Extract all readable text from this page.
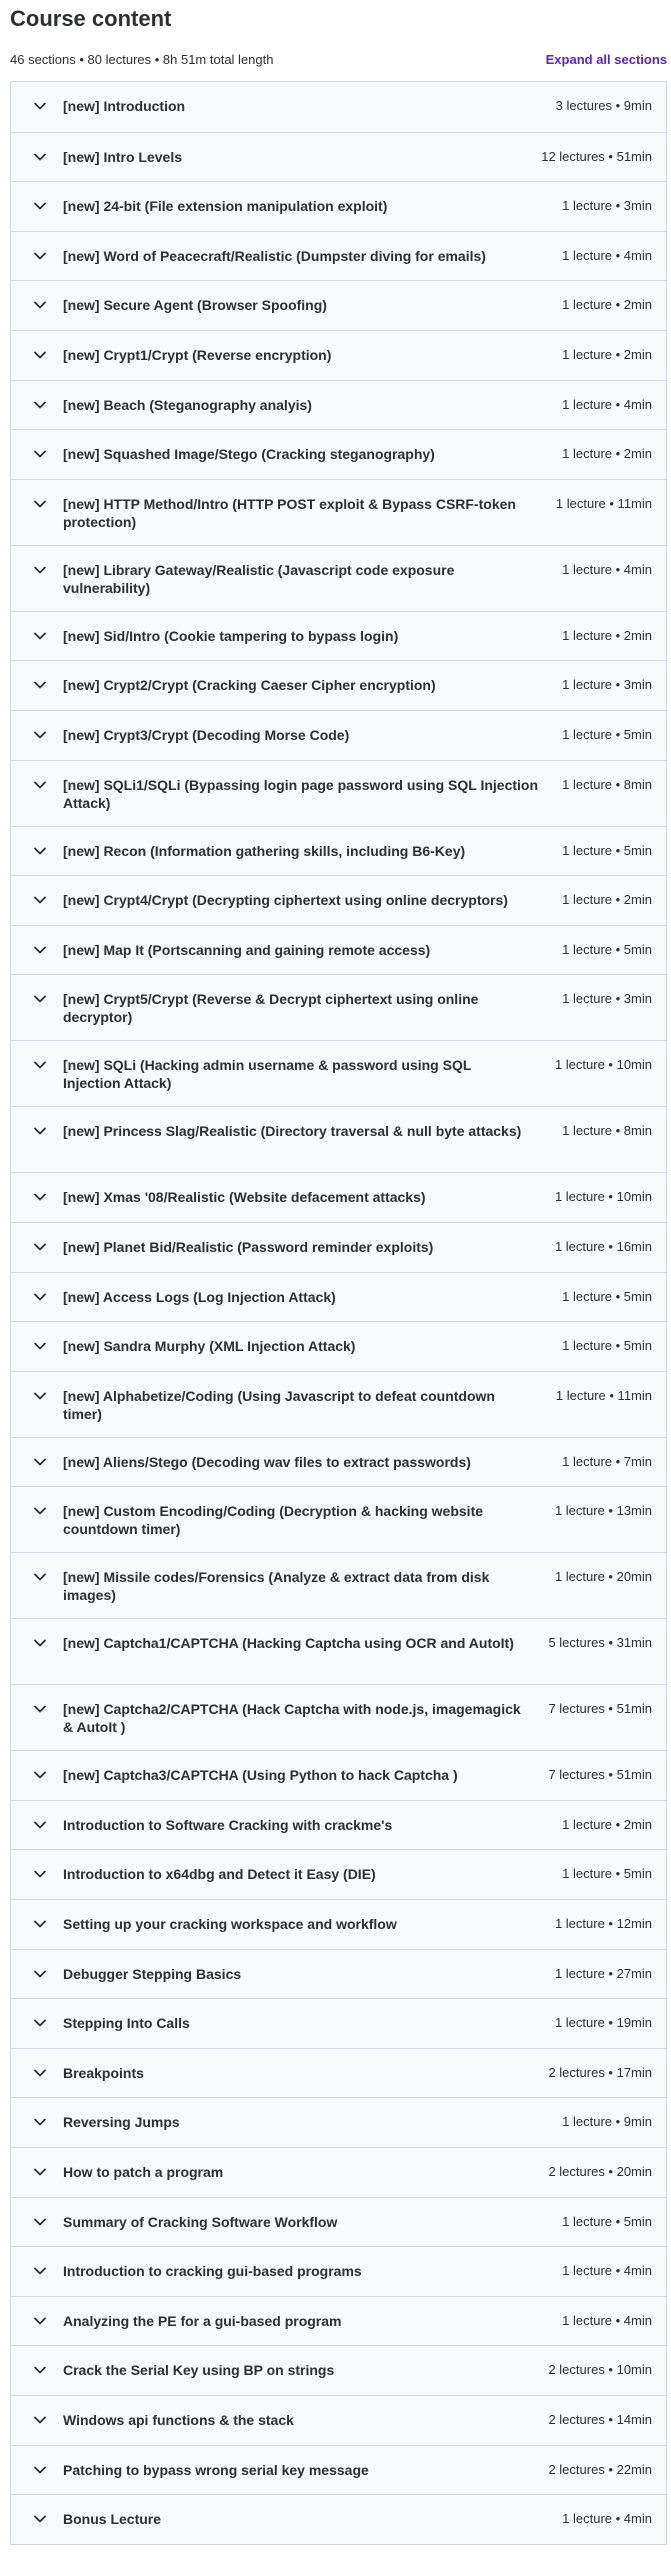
Course content
46 sections • 80 lectures • 8h 51m total length	Expand all sections
[new] Introduction	3 lectures • 9min
[new] Intro Levels	12 lectures • 51min
[new] 24-bit (File extension manipulation exploit)	1 lecture • 3min
[new] Word of Peacecraft/Realistic (Dumpster diving for emails)	1 lecture • 4min
[new] Secure Agent (Browser Spoofing)	1 lecture • 2min
[new] Crypt1/Crypt (Reverse encryption)	1 lecture • 2min
[new] Beach (Steganography analyis)	1 lecture • 4min
[new] Squashed Image/Stego (Cracking steganography)	1 lecture • 2min
[new] HTTP Method/Intro (HTTP POST exploit & Bypass CSRF-token protection)
1 lecture • 11min
[new] Library Gateway/Realistic (Javascript code exposure vulnerability)
1 lecture • 4min
[new] Sid/Intro (Cookie tampering to bypass login)	1 lecture • 2min
[new] Crypt2/Crypt (Cracking Caeser Cipher encryption)	1 lecture • 3min
[new] Crypt3/Crypt (Decoding Morse Code)	1 lecture • 5min
[new] SQLi1/SQLi (Bypassing login page password using SQL Injection Attack)
1 lecture • 8min
[new] Recon (Information gathering skills, including B6-Key)	1 lecture • 5min
[new] Crypt4/Crypt (Decrypting ciphertext using online decryptors)	1 lecture • 2min
[new] Map It (Portscanning and gaining remote access)	1 lecture • 5min
[new] Crypt5/Crypt (Reverse & Decrypt ciphertext using online decryptor)
1 lecture • 3min
[new] SQLi (Hacking admin username & password using SQL Injection Attack)
1 lecture • 10min
[new] Princess Slag/Realistic (Directory traversal & null byte attacks)	1 lecture • 8min
[new] Xmas '08/Realistic (Website defacement attacks)	1 lecture • 10min
[new] Planet Bid/Realistic (Password reminder exploits)	1 lecture • 16min
[new] Access Logs (Log Injection Attack)	1 lecture • 5min
[new] Sandra Murphy (XML Injection Attack)	1 lecture • 5min
[new] Alphabetize/Coding (Using Javascript to defeat countdown timer)
1 lecture • 11min
[new] Aliens/Stego (Decoding wav files to extract passwords)	1 lecture • 7min
[new] Custom Encoding/Coding (Decryption & hacking website countdown timer)
1 lecture • 13min
[new] Missile codes/Forensics (Analyze & extract data from disk images)
1 lecture • 20min
[new] Captcha1/CAPTCHA (Hacking Captcha using OCR and AutoIt)	5 lectures • 31min
[new] Captcha2/CAPTCHA (Hack Captcha with node.js, imagemagick & AutoIt )
7 lectures • 51min
[new] Captcha3/CAPTCHA (Using Python to hack Captcha )	7 lectures • 51min
Introduction to Software Cracking with crackme's	1 lecture • 2min
Introduction to x64dbg and Detect it Easy (DIE)	1 lecture • 5min
Setting up your cracking workspace and workflow	1 lecture • 12min
Debugger Stepping Basics	1 lecture • 27min
Stepping Into Calls	1 lecture • 19min
Breakpoints	2 lectures • 17min
Reversing Jumps	1 lecture • 9min
How to patch a program	2 lectures • 20min
Summary of Cracking Software Workflow	1 lecture • 5min
Introduction to cracking gui-based programs	1 lecture • 4min
Analyzing the PE for a gui-based program	1 lecture • 4min
Crack the Serial Key using BP on strings	2 lectures • 10min
Windows api functions & the stack	2 lectures • 14min
Patching to bypass wrong serial key message	2 lectures • 22min
Bonus Lecture	1 lecture • 4min
